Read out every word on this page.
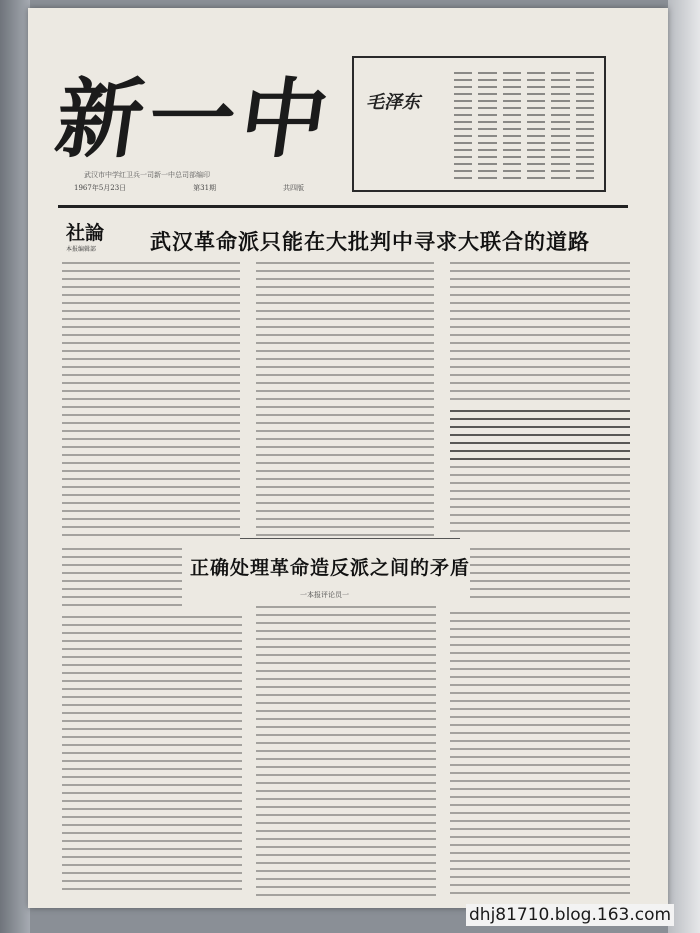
新一中
武汉市中学红卫兵一司新一中总司部编印
1967年5月23日	第31期	共四版
毛泽东
社論
本报编辑部	武汉革命派只能在大批判中寻求大联合的道路
正确处理革命造反派之间的矛盾
一本报评论员一
dhj81710.blog.163.com
